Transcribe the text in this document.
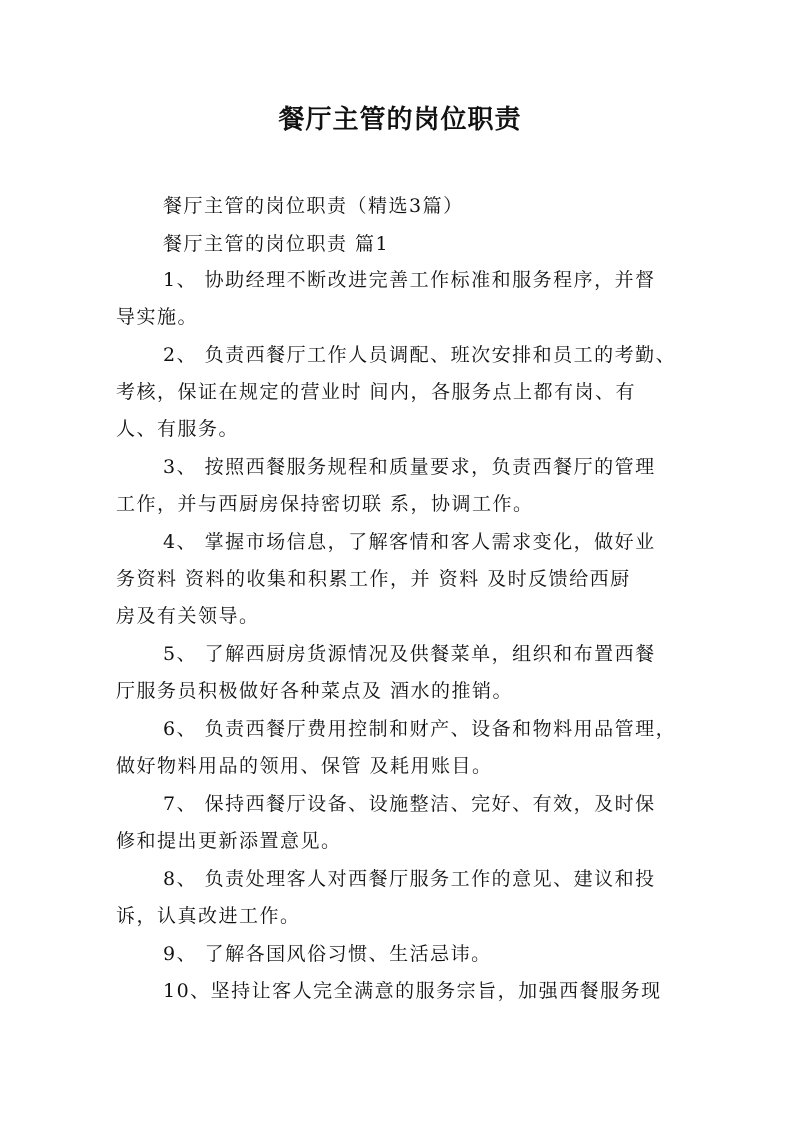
餐厅主管的岗位职责
餐厅主管的岗位职责（精选3篇）
餐厅主管的岗位职责 篇1
1、 协助经理不断改进完善工作标准和服务程序，并督
导实施。
2、 负责西餐厅工作人员调配、班次安排和员工的考勤、
考核，保证在规定的营业时 间内，各服务点上都有岗、有
人、有服务。
3、 按照西餐服务规程和质量要求，负责西餐厅的管理
工作，并与西厨房保持密切联 系，协调工作。
4、 掌握市场信息，了解客情和客人需求变化，做好业
务资料 资料的收集和积累工作，并 资料 及时反馈给西厨
房及有关领导。
5、 了解西厨房货源情况及供餐菜单，组织和布置西餐
厅服务员积极做好各种菜点及 酒水的推销。
6、 负责西餐厅费用控制和财产、设备和物料用品管理，
做好物料用品的领用、保管 及耗用账目。
7、 保持西餐厅设备、设施整洁、完好、有效，及时保
修和提出更新添置意见。
8、 负责处理客人对西餐厅服务工作的意见、建议和投
诉，认真改进工作。
9、 了解各国风俗习惯、生活忌讳。
10、坚持让客人完全满意的服务宗旨，加强西餐服务现
